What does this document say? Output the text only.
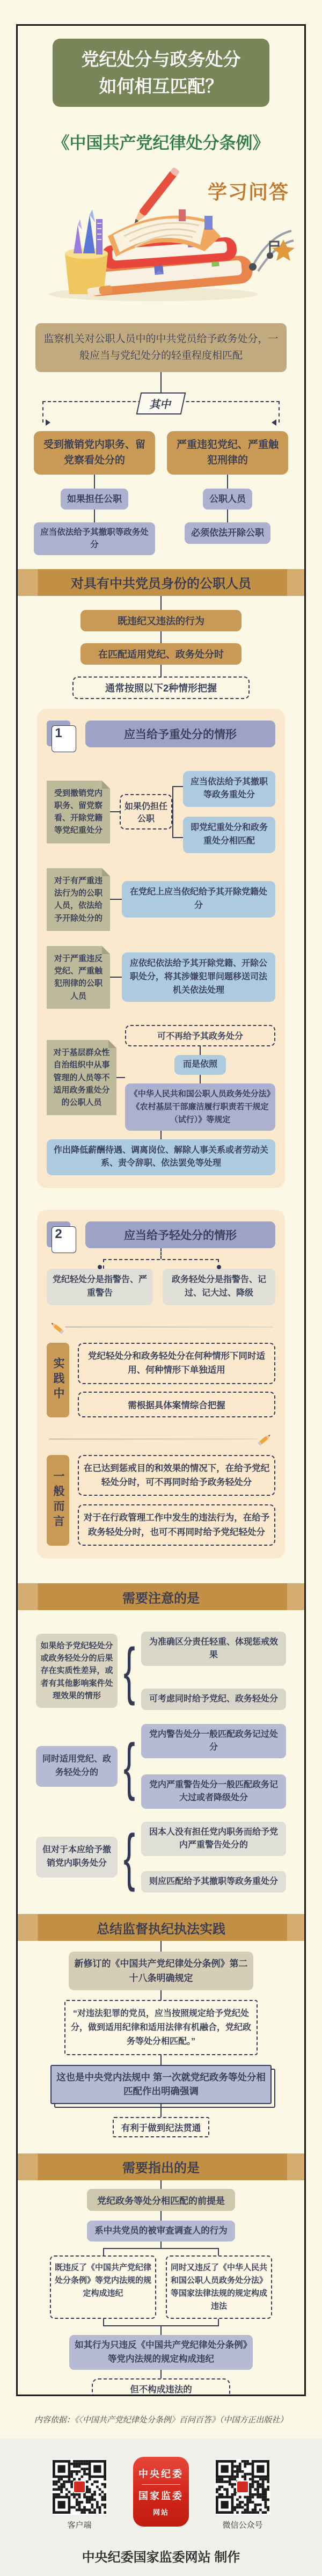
党纪处分与政务处分
如何相互匹配？
《中国共产党纪律处分条例》
学习问答
监察机关对公职人员中的中共党员给予政务处分，一般应当与党纪处分的轻重程度相匹配
其中
受到撤销党内职务、留党察看处分的
如果担任公职
应当依法给予其撤职等政务处分
严重违犯党纪、严重触犯刑律的
公职人员
必须依法开除公职
对具有中共党员身份的公职人员
既违纪又违法的行为
在匹配适用党纪、政务处分时
通常按照以下2种情形把握
1	应当给予重处分的情形
受到撤销党内职务、留党察看、开除党籍等党纪重处分
如果仍担任公职
应当依法给予其撤职等政务重处分
即党纪重处分和政务重处分相匹配
对于有严重违法行为的公职人员，依法给予开除处分的
在党纪上应当依纪给予其开除党籍处分
对于严重违反党纪、严重触犯刑律的公职人员
应依纪依法给予其开除党籍、开除公职处分，将其涉嫌犯罪问题移送司法机关依法处理
对于基层群众性自治组织中从事管理的人员等不适用政务重处分的公职人员
可不再给予其政务处分
而是依照
《中华人民共和国公职人员政务处分法》《农村基层干部廉洁履行职责若干规定（试行）》等规定
作出降低薪酬待遇、调离岗位、解除人事关系或者劳动关系、责令辞职、依法罢免等处理
2	应当给予轻处分的情形
党纪轻处分是指警告、严重警告
政务轻处分是指警告、记过、记大过、降级
实践中
党纪轻处分和政务轻处分在何种情形下同时适用、何种情形下单独适用
需根据具体案情综合把握
一般而言
在已达到惩戒目的和效果的情况下，在给予党纪轻处分时，可不再同时给予政务轻处分
对于在行政管理工作中发生的违法行为，在给予政务轻处分时，也可不再同时给予党纪轻处分
需要注意的是
如果给予党纪轻处分或政务轻处分的后果存在实质性差异，或者有其他影响案件处理效果的情形 {	为准确区分责任轻重、体现惩戒效果
可考虑同时给予党纪、政务轻处分
同时适用党纪、政务轻处分的 {	党内警告处分一般匹配政务记过处分
党内严重警告处分一般匹配政务记大过或者降级处分
但对于本应给予撤销党内职务处分 {	因本人没有担任党内职务而给予党内严重警告处分的
则应匹配给予其撤职等政务重处分
总结监督执纪执法实践
新修订的《中国共产党纪律处分条例》第二十八条明确规定
“对违法犯罪的党员，应当按照规定给予党纪处分，做到适用纪律和适用法律有机融合，党纪政务等处分相匹配。”
这也是中央党内法规中 第一次就党纪政务等处分相匹配作出明确强调
有利于做到纪法贯通
需要指出的是
党纪政务等处分相匹配的前提是
系中共党员的被审查调查人的行为
既违反了《中国共产党纪律处分条例》等党内法规的规定构成违纪
同时又违反了《中华人民共和国公职人员政务处分法》等国家法律法规的规定构成违法
如其行为只违反《中国共产党纪律处分条例》等党内法规的规定构成违纪
但不构成违法的
内容依据：《〈中国共产党纪律处分条例〉百问百答》（中国方正出版社）
客户端
中央纪委
国家监委
网站
微信公众号
中央纪委国家监委网站 制作
